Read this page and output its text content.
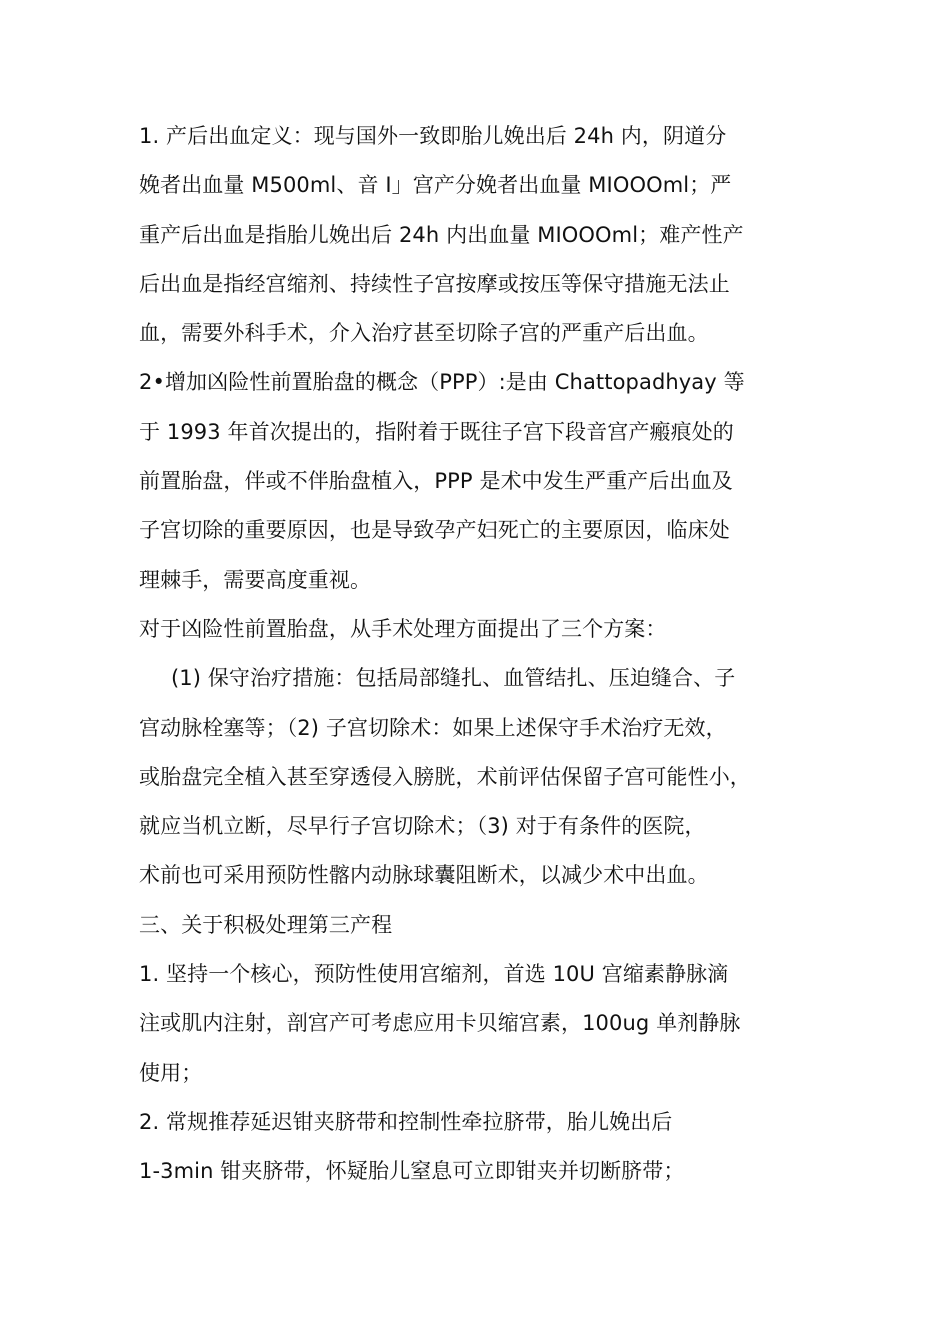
1. 产后出血定义：现与国外一致即胎儿娩出后 24h 内，阴道分
娩者出血量 M500ml、音 I」宫产分娩者出血量 MIOOOml；严
重产后出血是指胎儿娩出后 24h 内出血量 MIOOOml；难产性产
后出血是指经宫缩剂、持续性子宫按摩或按压等保守措施无法止
血，需要外科手术，介入治疗甚至切除子宫的严重产后出血。
2•增加凶险性前置胎盘的概念（PPP）:是由 Chattopadhyay 等
于 1993 年首次提出的，指附着于既往子宫下段音宫产瘢痕处的
前置胎盘，伴或不伴胎盘植入，PPP 是术中发生严重产后出血及
子宫切除的重要原因，也是导致孕产妇死亡的主要原因，临床处
理棘手，需要高度重视。
对于凶险性前置胎盘，从手术处理方面提出了三个方案：
(1) 保守治疗措施：包括局部缝扎、血管结扎、压迫缝合、子
宫动脉栓塞等；（2) 子宫切除术：如果上述保守手术治疗无效，
或胎盘完全植入甚至穿透侵入膀胱，术前评估保留子宫可能性小，
就应当机立断，尽早行子宫切除术；（3) 对于有条件的医院，
术前也可采用预防性髂内动脉球囊阻断术，以减少术中出血。
三、关于积极处理第三产程
1. 坚持一个核心，预防性使用宫缩剂，首选 10U 宫缩素静脉滴
注或肌内注射，剖宫产可考虑应用卡贝缩宫素，100ug 单剂静脉
使用；
2. 常规推荐延迟钳夹脐带和控制性牵拉脐带，胎儿娩出后
1-3min 钳夹脐带，怀疑胎儿窒息可立即钳夹并切断脐带；
